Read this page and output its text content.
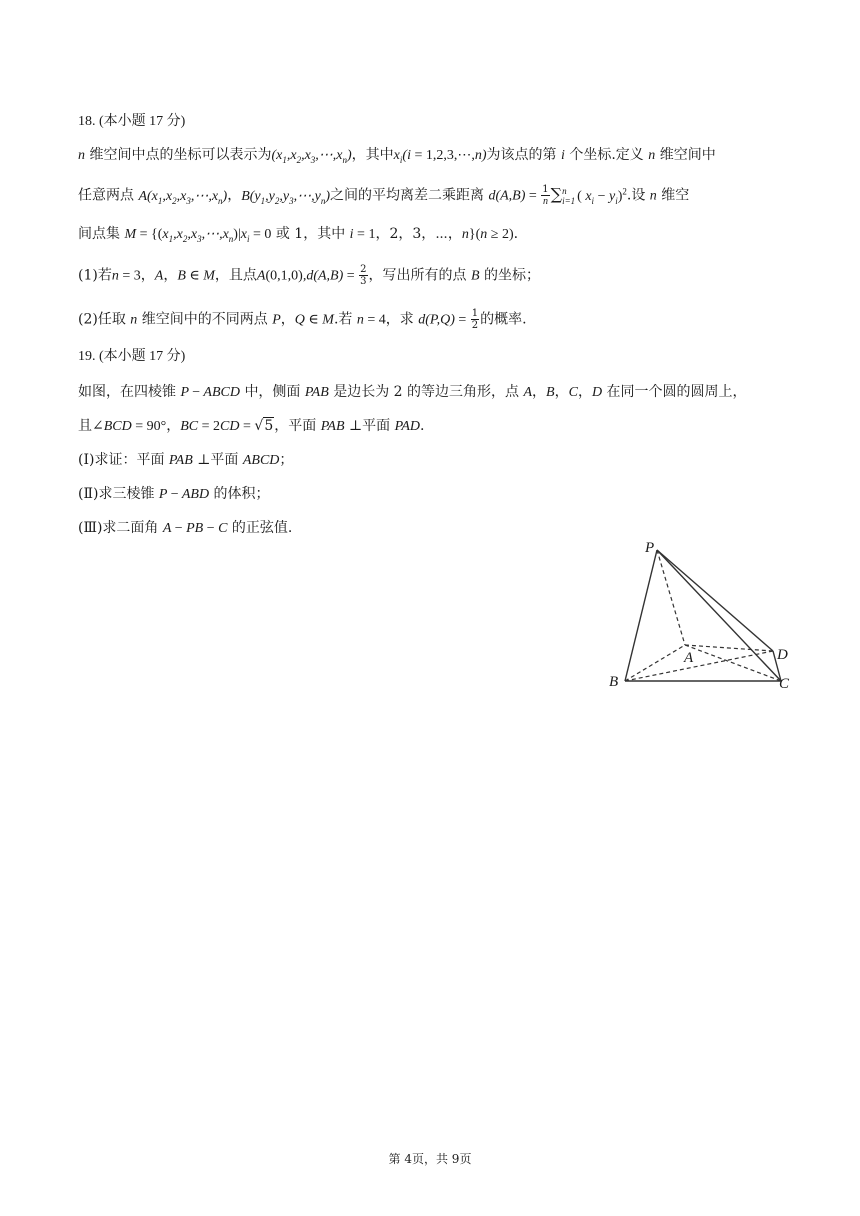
18. (本小题 17 分)
n 维空间中点的坐标可以表示为$(x_1,x_2,x_3,\cdots,x_n)$，其中$x_i(i$ = 1,2,3,⋯,n)为该点的第 i 个坐标.定义 n 维空间中
任意两点 $A(x_1,x_2,x_3,\cdots,x_n)$，$B(y_1,y_2,y_3,\cdots,y_n)$之间的平均离差二乘距离 $d(A,B) = \frac{1}{n}$ ∑ n
i=1 ( $x_i - y_i)^2$.设 n 维空
间点集 $M = \{(x_1,x_2,x_3,\cdots,x_n)|x_i = 0$ 或 1，其中 i = 1，2，3，⋯，n}(n ≥ 2).
(1)若n = 3，A，B ∈ M，且点$A(0,1,0),d(A,B) = \frac{2}{3}$ ，写出所有的点 B 的坐标；
(2)任取 n 维空间中的不同两点 P，Q ∈ M.若 n = 4，求 $d(P,Q) = \frac{1}{2}$ 的概率.
19. (本小题 17 分)
如图，在四棱锥 P − ABCD 中，侧面 PAB 是边长为 2 的等边三角形，点 A，B，C，D 在同一个圆的圆周上，
且∠BCD = 90°，BC = 2CD = √5，平面 PAB ⊥平面 PAD.
(Ⅰ)求证：平面 PAB ⊥平面 ABCD；
(Ⅱ)求三棱锥 P − ABD 的体积；
(Ⅲ)求二面角 A − PB − C 的正弦值.
P
A
B	C
D
第 4页，共 9页
